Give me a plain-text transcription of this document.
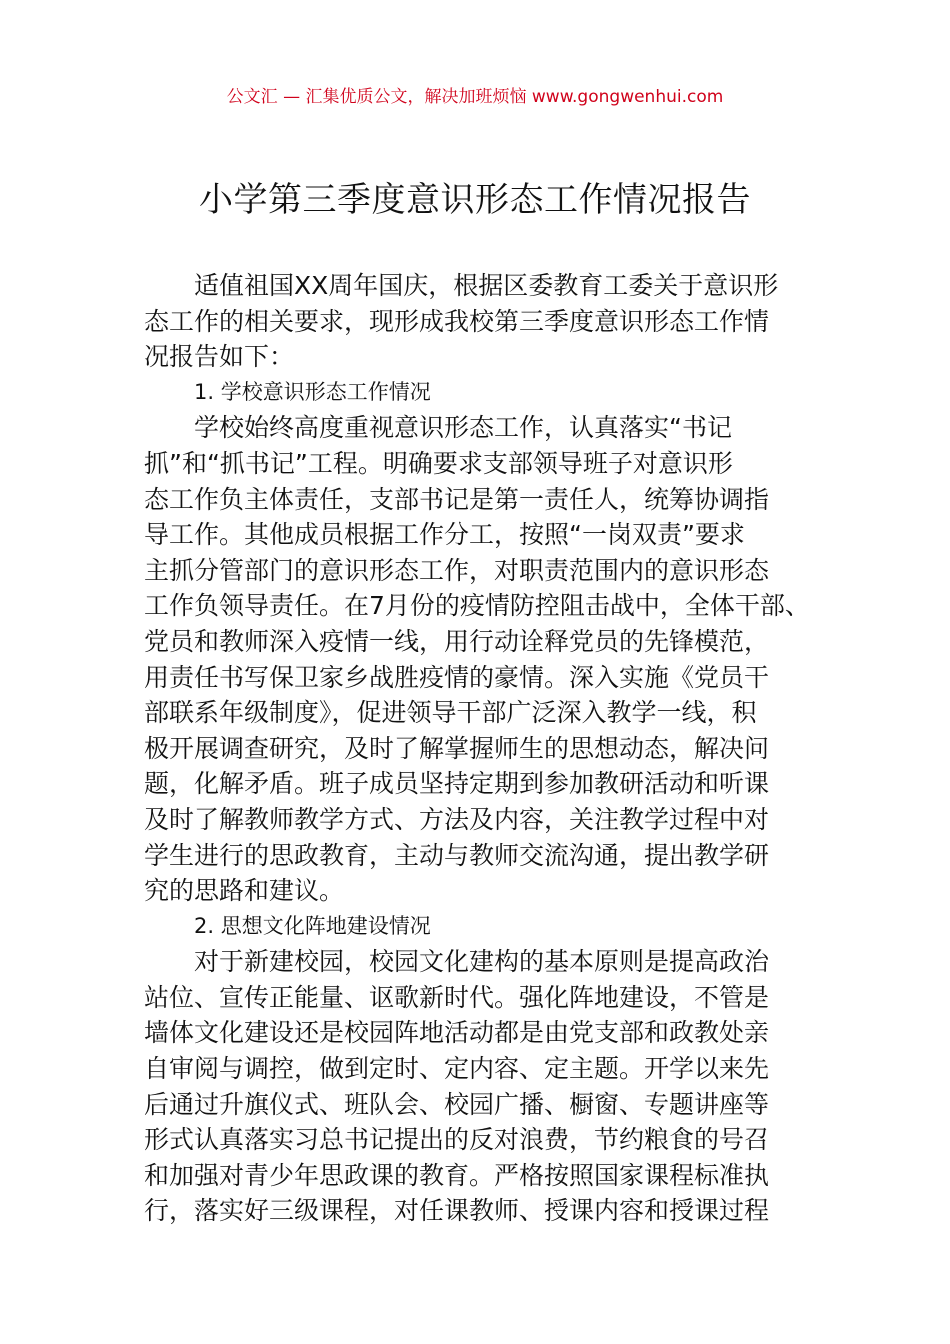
公文汇 — 汇集优质公文，解决加班烦恼 www.gongwenhui.com
小学第三季度意识形态工作情况报告
适值祖国XX周年国庆，根据区委教育工委关于意识形
态工作的相关要求，现形成我校第三季度意识形态工作情
况报告如下：
1. 学校意识形态工作情况
学校始终高度重视意识形态工作，认真落实“书记
抓”和“抓书记”工程。明确要求支部领导班子对意识形
态工作负主体责任，支部书记是第一责任人，统筹协调指
导工作。其他成员根据工作分工，按照“一岗双责”要求
主抓分管部门的意识形态工作，对职责范围内的意识形态
工作负领导责任。在7月份的疫情防控阻击战中，全体干部、
党员和教师深入疫情一线，用行动诠释党员的先锋模范，
用责任书写保卫家乡战胜疫情的豪情。深入实施《党员干
部联系年级制度》，促进领导干部广泛深入教学一线，积
极开展调查研究，及时了解掌握师生的思想动态，解决问
题，化解矛盾。班子成员坚持定期到参加教研活动和听课
及时了解教师教学方式、方法及内容，关注教学过程中对
学生进行的思政教育，主动与教师交流沟通，提出教学研
究的思路和建议。
2. 思想文化阵地建设情况
对于新建校园，校园文化建构的基本原则是提高政治
站位、宣传正能量、讴歌新时代。强化阵地建设，不管是
墙体文化建设还是校园阵地活动都是由党支部和政教处亲
自审阅与调控，做到定时、定内容、定主题。开学以来先
后通过升旗仪式、班队会、校园广播、橱窗、专题讲座等
形式认真落实习总书记提出的反对浪费，节约粮食的号召
和加强对青少年思政课的教育。严格按照国家课程标准执
行，落实好三级课程，对任课教师、授课内容和授课过程
